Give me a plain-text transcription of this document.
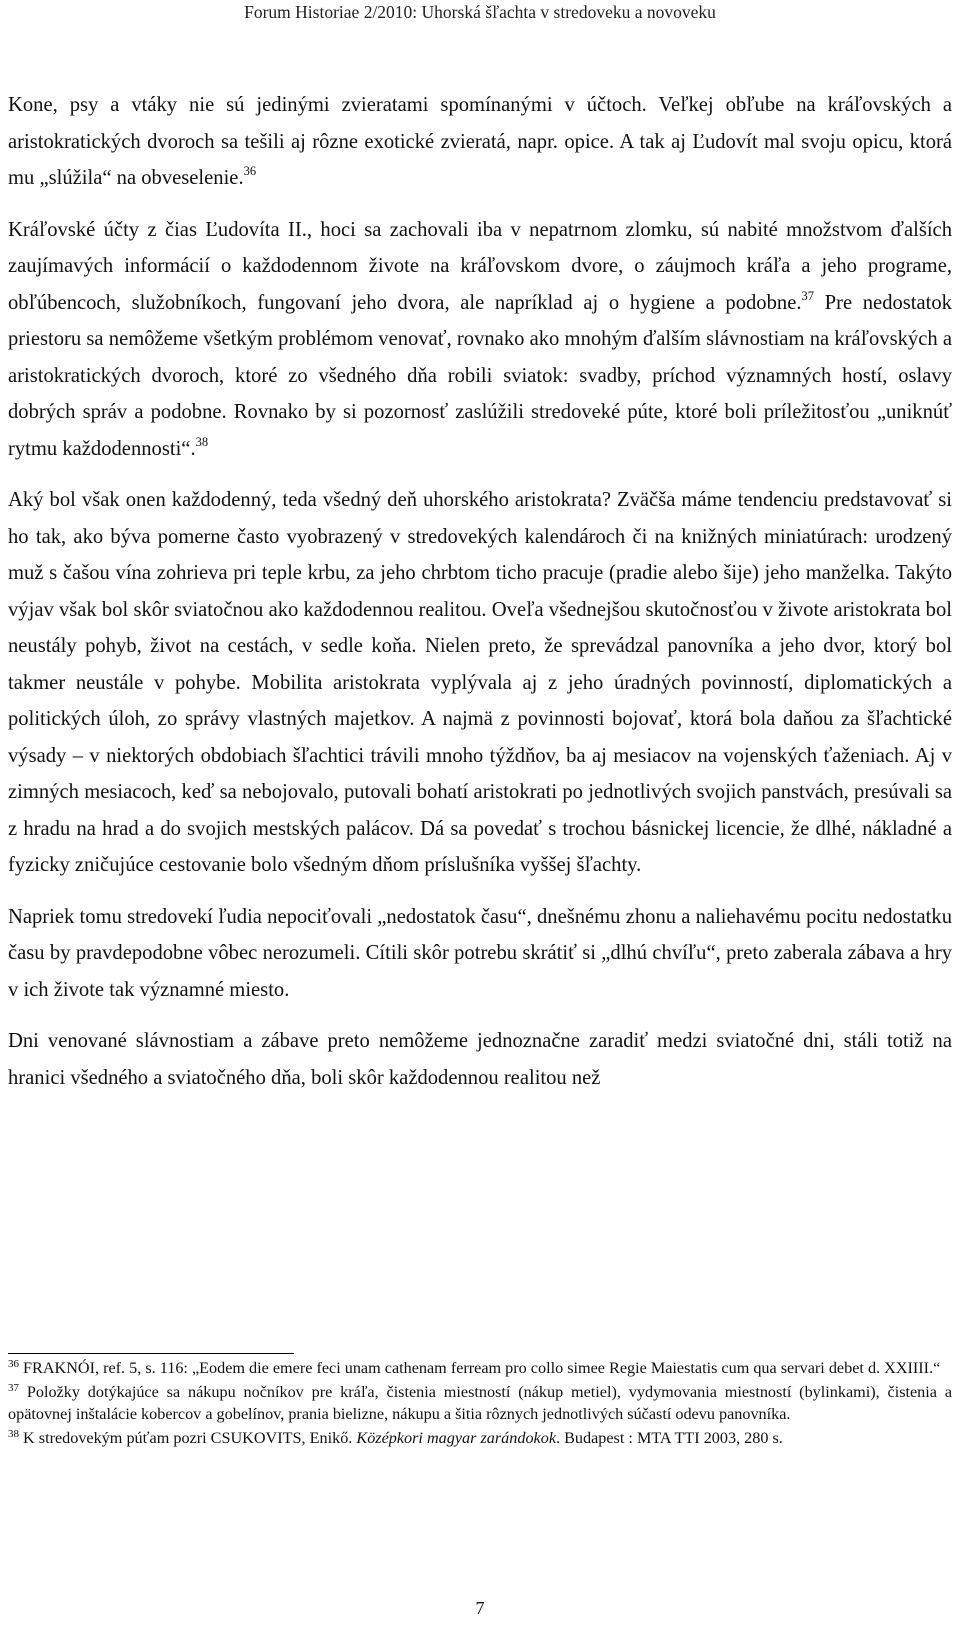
Forum Historiae 2/2010: Uhorská šľachta v stredoveku a novoveku

Kone, psy a vtáky nie sú jedinými zvieratami spomínanými v účtoch. Veľkej obľube na kráľovských a aristokratických dvoroch sa tešili aj rôzne exotické zvieratá, napr. opice. A tak aj Ľudovít mal svoju opicu, ktorá mu „slúžila“ na obveselenie.$^{36}$

Kráľovské účty z čias Ľudovíta II., hoci sa zachovali iba v nepatrnom zlomku, sú nabité množstvom ďalších zaujímavých informácií o každodennom živote na kráľovskom dvore, o záujmoch kráľa a jeho programe, obľúbencoch, služobníkoch, fungovaní jeho dvora, ale napríklad aj o hygiene a podobne.$^{37}$ Pre nedostatok priestoru sa nemôžeme všetkým problémom venovať, rovnako ako mnohým ďalším slávnostiam na kráľovských a aristokratických dvoroch, ktoré zo všedného dňa robili sviatok: svadby, príchod významných hostí, oslavy dobrých správ a podobne. Rovnako by si pozornosť zaslúžili stredoveké púte, ktoré boli príležitosťou „uniknúť rytmu každodennosti“.$^{38}$

Aký bol však onen každodenný, teda všedný deň uhorského aristokrata? Zväčša máme tendenciu predstavovať si ho tak, ako býva pomerne často vyobrazený v stredovekých kalendároch či na knižných miniatúrach: urodzený muž s čašou vína zohrieva pri teple krbu, za jeho chrbtom ticho pracuje (pradie alebo šije) jeho manželka. Takýto výjav však bol skôr sviatočnou ako každodennou realitou. Oveľa všednejšou skutočnosťou v živote aristokrata bol neustály pohyb, život na cestách, v sedle koňa. Nielen preto, že sprevádzal panovníka a jeho dvor, ktorý bol takmer neustále v pohybe. Mobilita aristokrata vyplývala aj z jeho úradných povinností, diplomatických a politických úloh, zo správy vlastných majetkov. A najmä z povinnosti bojovať, ktorá bola daňou za šľachtické výsady – v niektorých obdobiach šľachtici trávili mnoho týždňov, ba aj mesiacov na vojenských ťaženiach. Aj v zimných mesiacoch, keď sa nebojovalo, putovali bohatí aristokrati po jednotlivých svojich panstvách, presúvali sa z hradu na hrad a do svojich mestských palácov. Dá sa povedať s trochou básnickej licencie, že dlhé, nákladné a fyzicky zničujúce cestovanie bolo všedným dňom príslušníka vyššej šľachty.

Napriek tomu stredovekí ľudia nepociťovali „nedostatok času“, dnešnému zhonu a naliehavému pocitu nedostatku času by pravdepodobne vôbec nerozumeli. Cítili skôr potrebu skrátiť si „dlhú chvíľu“, preto zaberala zábava a hry v ich živote tak významné miesto.

Dni venované slávnostiam a zábave preto nemôžeme jednoznačne zaradiť medzi sviatočné dni, stáli totiž na hranici všedného a sviatočného dňa, boli skôr každodennou realitou než

$^{36}$ FRAKNÓI, ref. 5, s. 116: „Eodem die emere feci unam cathenam ferream pro collo simee Regie Maiestatis cum qua servari debet d. XXIIII.“

$^{37}$ Položky dotýkajúce sa nákupu nočníkov pre kráľa, čistenia miestností (nákup metiel), vydymovania miestností (bylinkami), čistenia a opätovnej inštalácie kobercov a gobelínov, prania bielizne, nákupu a šitia rôznych jednotlivých súčastí odevu panovníka.

$^{38}$ K stredovekým púťam pozri CSUKOVITS, Enikő. Középkori magyar zarándokok. Budapest : MTA TTI 2003, 280 s.

7
